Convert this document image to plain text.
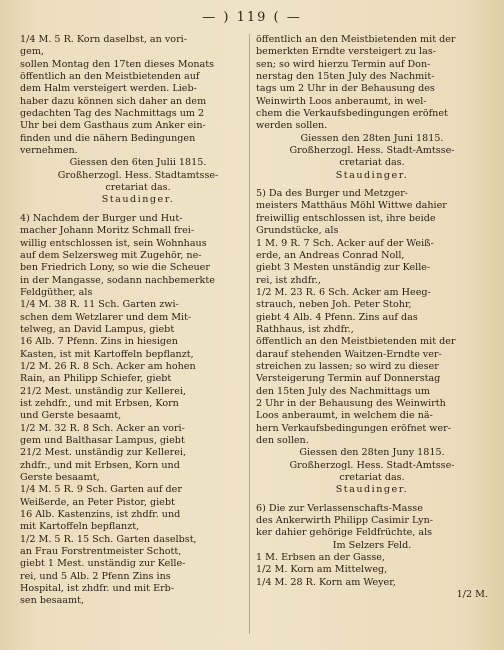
— ) 119 ( —
1/4 M. 5 R. Korn daselbst, an vori-
gem,
sollen Montag den 17ten dieses Monats
öffentlich an den Meistbietenden auf
dem Halm versteigert werden. Lieb-
haber dazu können sich daher an dem
gedachten Tag des Nachmittags um 2
Uhr bei dem Gasthaus zum Anker ein-
finden und die nähern Bedingungen
vernehmen.
Giessen den 6ten Julii 1815.
Großherzogl. Hess. Stadtamtsse-
cretariat das.
Staudinger.
4) Nachdem der Burger und Hut-
macher Johann Moritz Schmall frei-
willig entschlossen ist, sein Wohnhaus
auf dem Selzersweg mit Zugehör, ne-
ben Friedrich Lony, so wie die Scheuer
in der Mangasse, sodann nachbemerkte
Feldgüther, als
1/4 M. 38 R. 11 Sch. Garten zwi-
schen dem Wetzlarer und dem Mit-
telweg, an David Lampus, giebt
16 Alb. 7 Pfenn. Zins in hiesigen
Kasten, ist mit Kartoffeln bepflanzt,
1/2 M. 26 R. 8 Sch. Acker am hohen
Rain, an Philipp Schiefer, giebt
21/2 Mest. unständig zur Kellerei,
ist zehdfr., und mit Erbsen, Korn
und Gerste besaamt,
1/2 M. 32 R. 8 Sch. Acker an vori-
gem und Balthasar Lampus, giebt
21/2 Mest. unständig zur Kellerei,
zhdfr., und mit Erbsen, Korn und
Gerste besaamt,
1/4 M. 5 R. 9 Sch. Garten auf der
Weißerde, an Peter Pistor, giebt
16 Alb. Kastenzins, ist zhdfr. und
mit Kartoffeln bepflanzt,
1/2 M. 5 R. 15 Sch. Garten daselbst,
an Frau Forstrentmeister Schott,
giebt 1 Mest. unständig zur Kelle-
rei, und 5 Alb. 2 Pfenn Zins ins
Hospital, ist zhdfr. und mit Erb-
sen besaamt,
öffentlich an den Meistbietenden mit der
bemerkten Erndte versteigert zu las-
sen; so wird hierzu Termin auf Don-
nerstag den 15ten July des Nachmit-
tags um 2 Uhr in der Behausung des
Weinwirth Loos anberaumt, in wel-
chem die Verkaufsbedingungen eröfnet
werden sollen.
Giessen den 28ten Juni 1815.
Großherzogl. Hess. Stadt-Amtsse-
cretariat das.
Staudinger.
5) Da des Burger und Metzger-
meisters Matthäus Möhl Wittwe dahier
freiwillig entschlossen ist, ihre beide
Grundstücke, als
1 M. 9 R. 7 Sch. Acker auf der Weiß-
erde, an Andreas Conrad Noll,
giebt 3 Mesten unständig zur Kelle-
rei, ist zhdfr.,
1/2 M. 23 R. 6 Sch. Acker am Heeg-
strauch, neben Joh. Peter Stohr,
giebt 4 Alb. 4 Pfenn. Zins auf das
Rathhaus, ist zhdfr.,
öffentlich an den Meistbietenden mit der
darauf stehenden Waitzen-Erndte ver-
streichen zu lassen; so wird zu dieser
Versteigerung Termin auf Donnerstag
den 15ten July des Nachmittags um
2 Uhr in der Behausung des Weinwirth
Loos anberaumt, in welchem die nä-
hern Verkaufsbedingungen eröfnet wer-
den sollen.
Giessen den 28ten Juny 1815.
Großherzogl. Hess. Stadt-Amtsse-
cretariat das.
Staudinger.
6) Die zur Verlassenschafts-Masse
des Ankerwirth Philipp Casimir Lyn-
ker dahier gehörige Feldfrüchte, als
Im Selzers Feld.
1 M. Erbsen an der Gasse,
1/2 M. Korn am Mittelweg,
1/4 M. 28 R. Korn am Weyer,
1/2 M.
